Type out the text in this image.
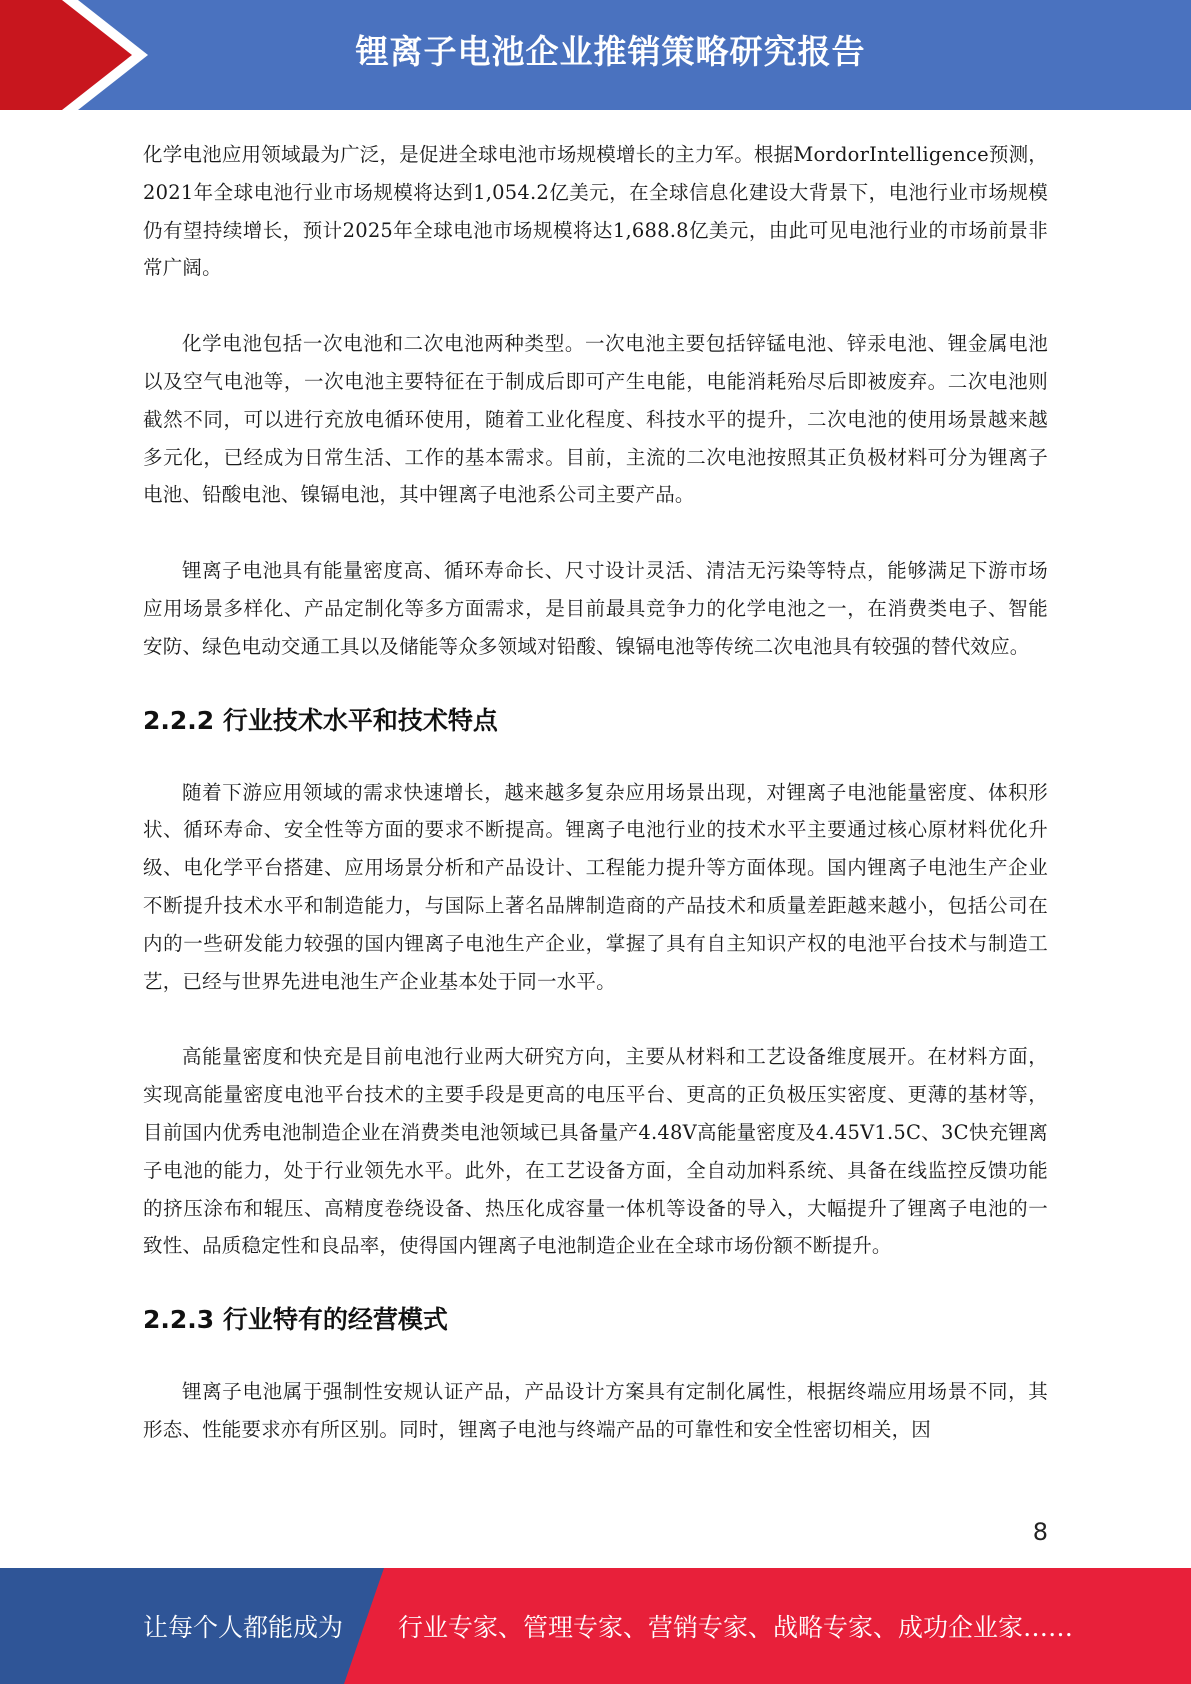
锂离子电池企业推销策略研究报告

化学电池应用领域最为广泛，是促进全球电池市场规模增长的主力军。根据MordorIntelligence预测，2021年全球电池行业市场规模将达到1,054.2亿美元，在全球信息化建设大背景下，电池行业市场规模仍有望持续增长，预计2025年全球电池市场规模将达1,688.8亿美元，由此可见电池行业的市场前景非常广阔。

化学电池包括一次电池和二次电池两种类型。一次电池主要包括锌锰电池、锌汞电池、锂金属电池以及空气电池等，一次电池主要特征在于制成后即可产生电能，电能消耗殆尽后即被废弃。二次电池则截然不同，可以进行充放电循环使用，随着工业化程度、科技水平的提升，二次电池的使用场景越来越多元化，已经成为日常生活、工作的基本需求。目前，主流的二次电池按照其正负极材料可分为锂离子电池、铅酸电池、镍镉电池，其中锂离子电池系公司主要产品。

锂离子电池具有能量密度高、循环寿命长、尺寸设计灵活、清洁无污染等特点，能够满足下游市场应用场景多样化、产品定制化等多方面需求，是目前最具竞争力的化学电池之一，在消费类电子、智能安防、绿色电动交通工具以及储能等众多领域对铅酸、镍镉电池等传统二次电池具有较强的替代效应。

2.2.2 行业技术水平和技术特点

随着下游应用领域的需求快速增长，越来越多复杂应用场景出现，对锂离子电池能量密度、体积形状、循环寿命、安全性等方面的要求不断提高。锂离子电池行业的技术水平主要通过核心原材料优化升级、电化学平台搭建、应用场景分析和产品设计、工程能力提升等方面体现。国内锂离子电池生产企业不断提升技术水平和制造能力，与国际上著名品牌制造商的产品技术和质量差距越来越小，包括公司在内的一些研发能力较强的国内锂离子电池生产企业，掌握了具有自主知识产权的电池平台技术与制造工艺，已经与世界先进电池生产企业基本处于同一水平。

高能量密度和快充是目前电池行业两大研究方向，主要从材料和工艺设备维度展开。在材料方面，实现高能量密度电池平台技术的主要手段是更高的电压平台、更高的正负极压实密度、更薄的基材等，目前国内优秀电池制造企业在消费类电池领域已具备量产4.48V高能量密度及4.45V1.5C、3C快充锂离子电池的能力，处于行业领先水平。此外，在工艺设备方面，全自动加料系统、具备在线监控反馈功能的挤压涂布和辊压、高精度卷绕设备、热压化成容量一体机等设备的导入，大幅提升了锂离子电池的一致性、品质稳定性和良品率，使得国内锂离子电池制造企业在全球市场份额不断提升。

2.2.3 行业特有的经营模式

锂离子电池属于强制性安规认证产品，产品设计方案具有定制化属性，根据终端应用场景不同，其形态、性能要求亦有所区别。同时，锂离子电池与终端产品的可靠性和安全性密切相关，因

8
让每个人都能成为 行业专家、管理专家、营销专家、战略专家、成功企业家……
